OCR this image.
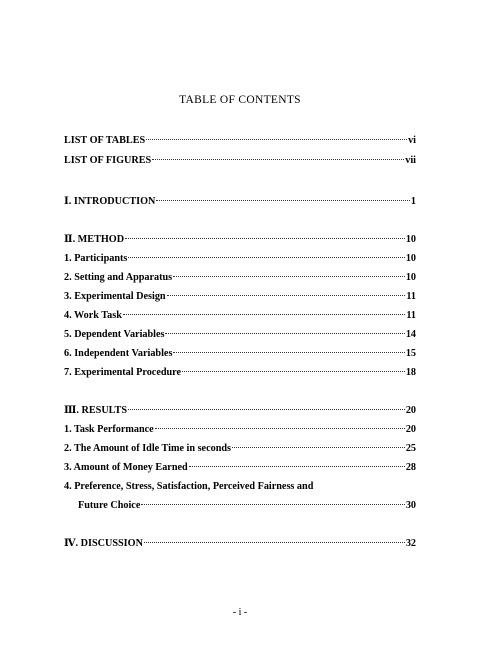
TABLE OF CONTENTS
LIST OF TABLES	vi
LIST OF FIGURES	vii
Ⅰ. INTRODUCTION	1
Ⅱ. METHOD	10
1. Participants	10
2. Setting and Apparatus	10
3. Experimental Design	11
4. Work Task	11
5. Dependent Variables	14
6. Independent Variables	15
7. Experimental Procedure	18
Ⅲ. RESULTS	20
1. Task Performance	20
2. The Amount of Idle Time in seconds	25
3. Amount of Money Earned	28
4. Preference, Stress, Satisfaction, Perceived Fairness and
Future Choice	30
Ⅳ. DISCUSSION	32
- i -
